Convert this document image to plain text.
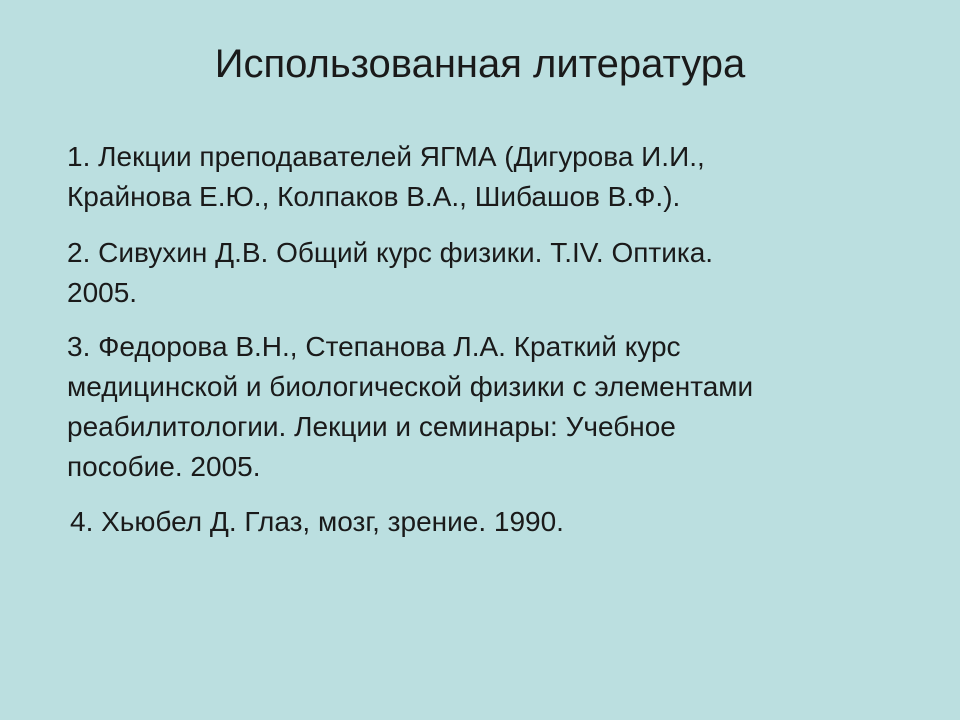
Использованная литература
1. Лекции преподавателей ЯГМА (Дигурова И.И.,
Крайнова Е.Ю., Колпаков В.А., Шибашов В.Ф.).
2. Сивухин Д.В. Общий курс физики. T.IV. Оптика.
2005.
3. Федорова В.Н., Степанова Л.А. Краткий курс
медицинской и биологической физики с элементами
реабилитологии. Лекции и семинары: Учебное
пособие. 2005.
4. Хьюбел Д. Глаз, мозг, зрение. 1990.
